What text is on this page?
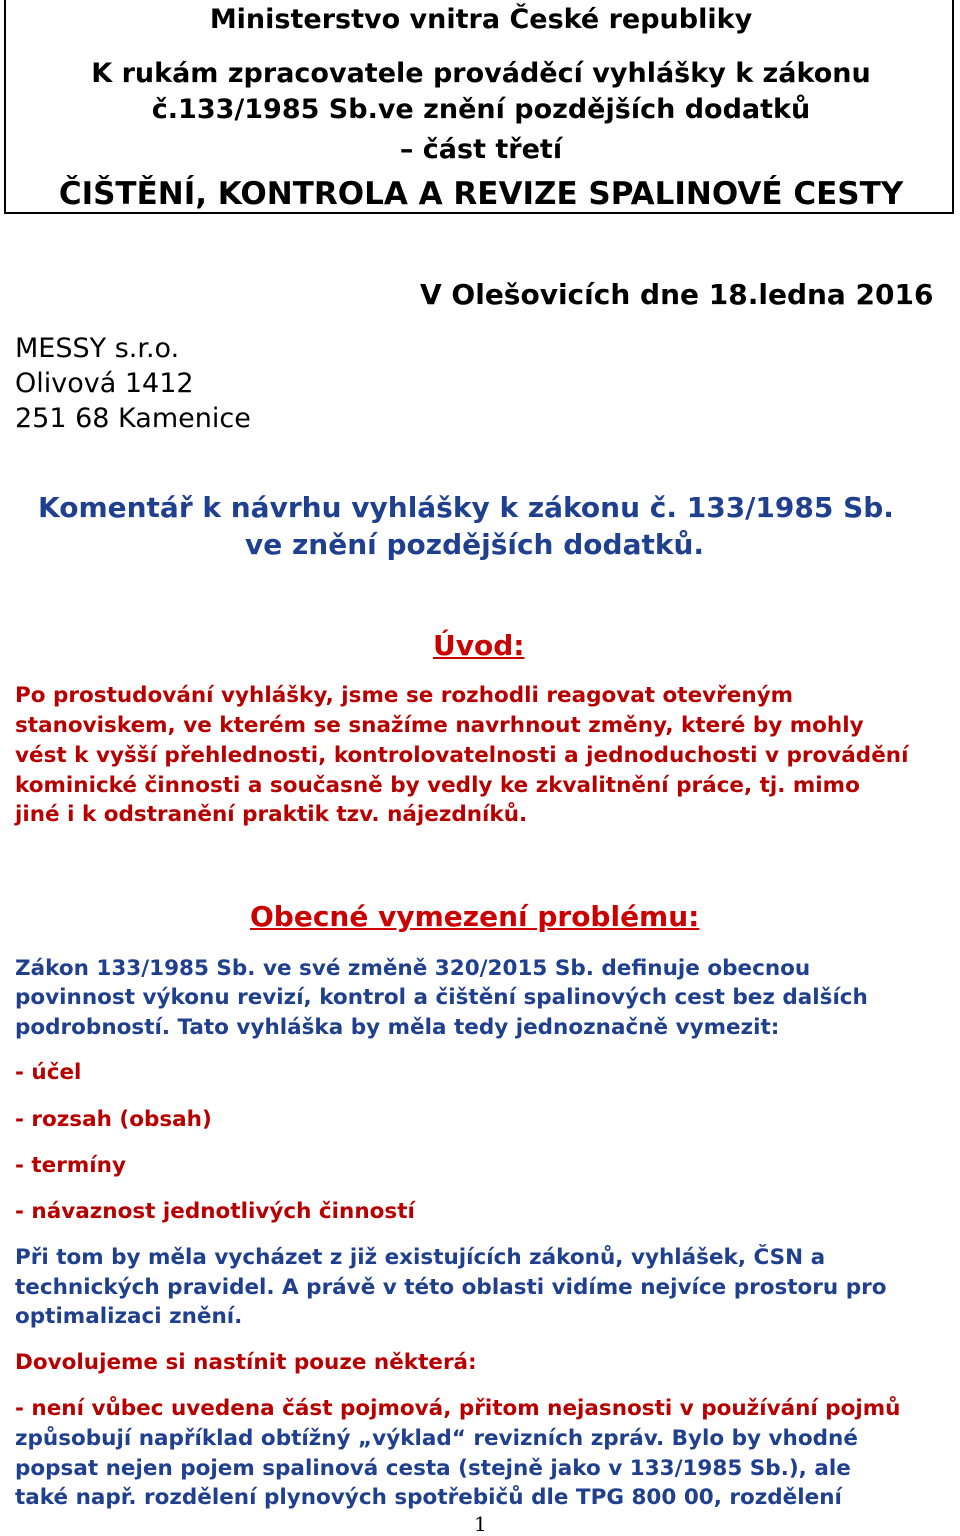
Ministerstvo vnitra České republiky
K rukám zpracovatele prováděcí vyhlášky k zákonu
č.133/1985 Sb.ve znění pozdějších dodatků
– část třetí
ČIŠTĚNÍ, KONTROLA A REVIZE SPALINOVÉ CESTY
V Olešovicích dne 18.ledna 2016
MESSY s.r.o.
Olivová 1412
251 68 Kamenice
Komentář k návrhu vyhlášky k zákonu č. 133/1985 Sb.
ve znění pozdějších dodatků.
Úvod:
Po prostudování vyhlášky, jsme se rozhodli reagovat otevřeným
stanoviskem, ve kterém se snažíme navrhnout změny, které by mohly
vést k vyšší přehlednosti, kontrolovatelnosti a jednoduchosti v provádění
kominické činnosti a současně by vedly ke zkvalitnění práce, tj. mimo
jiné i k odstranění praktik tzv. nájezdníků.
Obecné vymezení problému:
Zákon 133/1985 Sb. ve své změně 320/2015 Sb. definuje obecnou
povinnost výkonu revizí, kontrol a čištění spalinových cest bez dalších
podrobností. Tato vyhláška by měla tedy jednoznačně vymezit:
- účel
- rozsah (obsah)
- termíny
- návaznost jednotlivých činností
Při tom by měla vycházet z již existujících zákonů, vyhlášek, ČSN a
technických pravidel. A právě v této oblasti vidíme nejvíce prostoru pro
optimalizaci znění.
Dovolujeme si nastínit pouze některá:
- není vůbec uvedena část pojmová, přitom nejasnosti v používání pojmů
způsobují například obtížný „výklad“ revizních zpráv. Bylo by vhodné
popsat nejen pojem spalinová cesta (stejně jako v 133/1985 Sb.), ale
také např. rozdělení plynových spotřebičů dle TPG 800 00, rozdělení
1
